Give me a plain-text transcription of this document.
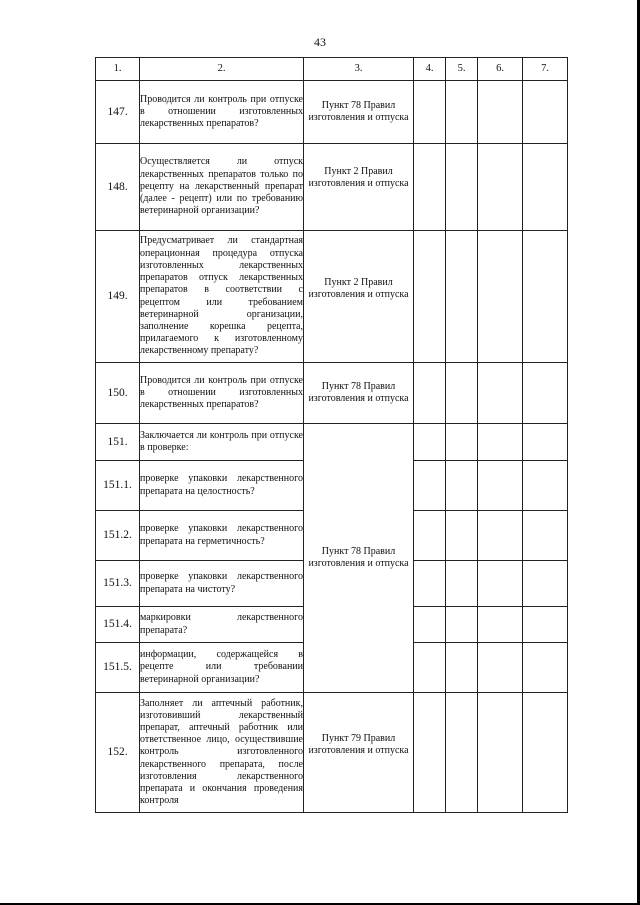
43
1.	2.	3.	4.	5.	6.	7.
147.	Проводится ли контроль при отпуске в отношении изготовленных лекарственных препаратов?	Пункт 78 Правил изготовления и отпуска				
148.	Осуществляется ли отпуск лекарственных препаратов только по рецепту на лекарственный препарат (далее - рецепт) или по требованию ветеринарной организации?	Пункт 2 Правил изготовления и отпуска				
149.	Предусматривает ли стандартная операционная процедура отпуска изготовленных лекарственных препаратов отпуск лекарственных препаратов в соответствии с рецептом или требованием ветеринарной организации, заполнение корешка рецепта, прилагаемого к изготовленному лекарственному препарату?	Пункт 2 Правил изготовления и отпуска				
150.	Проводится ли контроль при отпуске в отношении изготовленных лекарственных препаратов?	Пункт 78 Правил изготовления и отпуска				
151.	Заключается ли контроль при отпуске в проверке:	Пункт 78 Правил изготовления и отпуска				
151.1.	проверке упаковки лекарственного препарата на целостность?					
151.2.	проверке упаковки лекарственного препарата на герметичность?					
151.3.	проверке упаковки лекарственного препарата на чистоту?					
151.4.	маркировки лекарственного препарата?					
151.5.	информации, содержащейся в рецепте или требовании ветеринарной организации?					
152.	Заполняет ли аптечный работник, изготовивший лекарственный препарат, аптечный работник или ответственное лицо, осуществившие контроль изготовленного лекарственного препарата, после изготовления лекарственного препарата и окончания проведения контроля	Пункт 79 Правил изготовления и отпуска				
